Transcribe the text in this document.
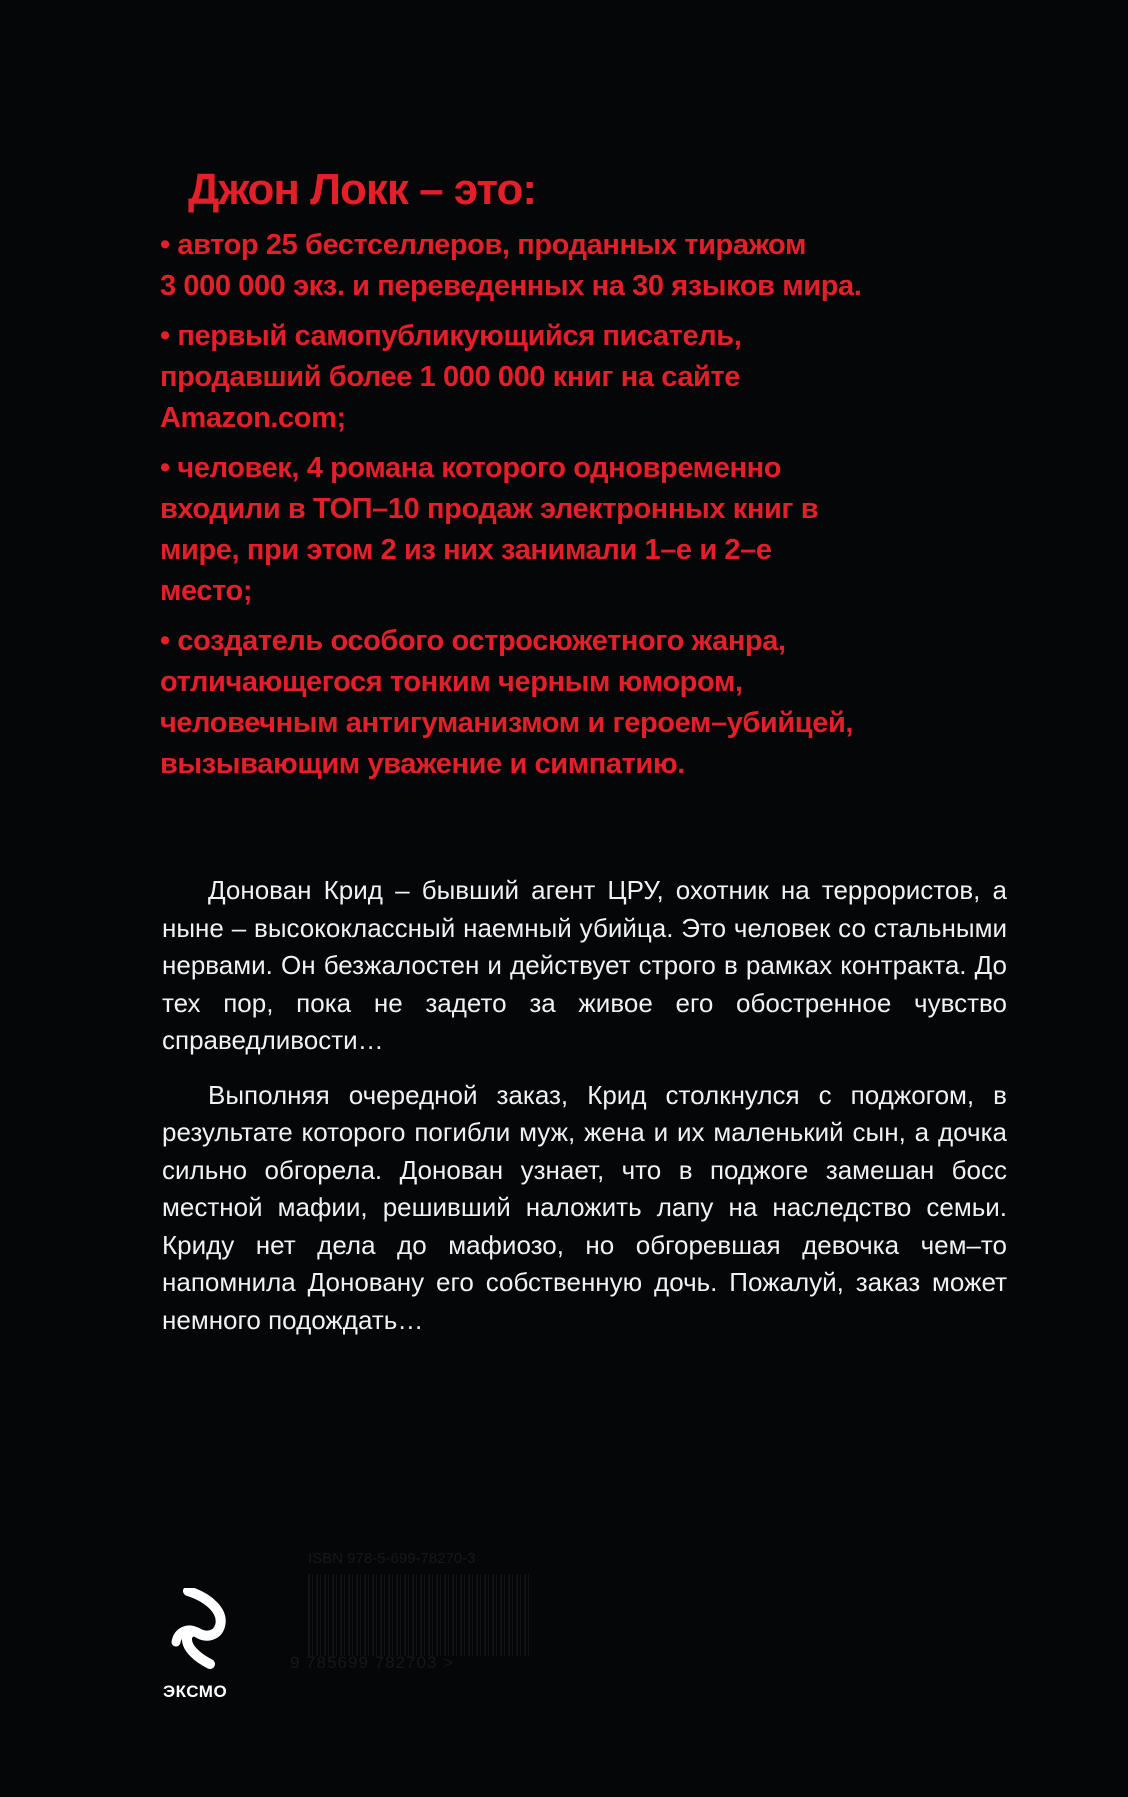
Джон Локк – это:
• автор 25 бестселлеров, проданных тиражом
3 000 000 экз. и переведенных на 30 языков мира.
• первый самопубликующийся писатель,
продавший более 1 000 000 книг на сайте
Amazon.com;
• человек, 4 романа которого одновременно
входили в ТОП–10 продаж электронных книг в
мире, при этом 2 из них занимали 1–е и 2–е
место;
• создатель особого остросюжетного жанра,
отличающегося тонким черным юмором,
человечным антигуманизмом и героем–убийцей,
вызывающим уважение и симпатию.

Донован Крид – бывший агент ЦРУ, охотник на террористов, а ныне – высококлассный наемный убийца. Это человек со стальными нервами. Он безжалостен и действует строго в рамках контракта. До тех пор, пока не задето за живое его обостренное чувство справедливости…

Выполняя очередной заказ, Крид столкнулся с поджогом, в результате которого погибли муж, жена и их маленький сын, а дочка сильно обгорела. Донован узнает, что в поджоге замешан босс местной мафии, решивший наложить лапу на наследство семьи. Криду нет дела до мафиозо, но обгоревшая девочка чем–то напомнила Доновану его собственную дочь. Пожалуй, заказ может немного подождать…

ЭКСМО
ISBN 978-5-699-78270-3
9 785699 782703 >
